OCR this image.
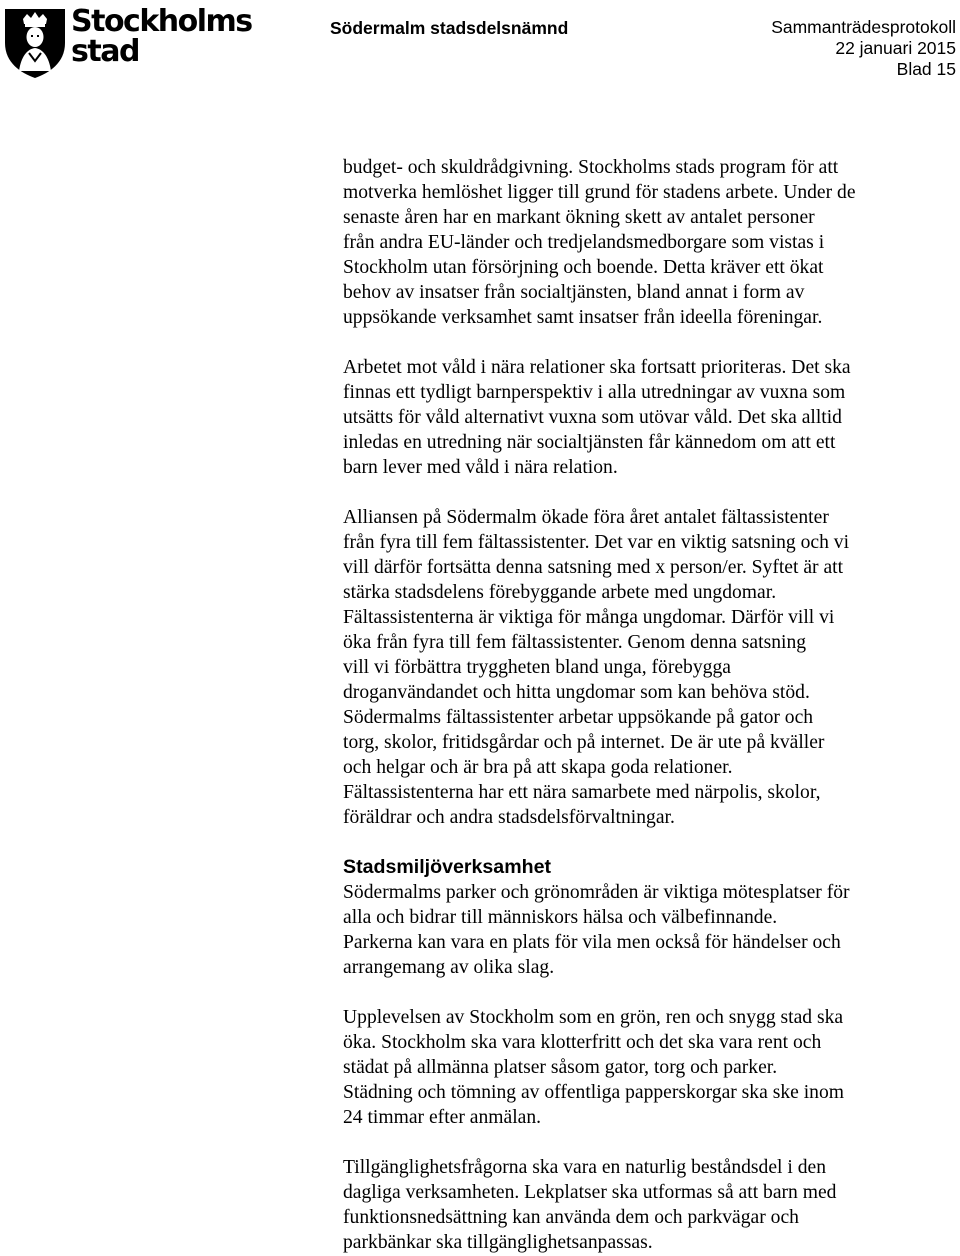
Stockholms
stad
Södermalm stadsdelsnämnd	Sammanträdesprotokoll
22 januari 2015
Blad 15

budget- och skuldrådgivning. Stockholms stads program för att
motverka hemlöshet ligger till grund för stadens arbete. Under de
senaste åren har en markant ökning skett av antalet personer
från andra EU-länder och tredjelandsmedborgare som vistas i
Stockholm utan försörjning och boende. Detta kräver ett ökat
behov av insatser från socialtjänsten, bland annat i form av
uppsökande verksamhet samt insatser från ideella föreningar.

Arbetet mot våld i nära relationer ska fortsatt prioriteras. Det ska
finnas ett tydligt barnperspektiv i alla utredningar av vuxna som
utsätts för våld alternativt vuxna som utövar våld. Det ska alltid
inledas en utredning när socialtjänsten får kännedom om att ett
barn lever med våld i nära relation.

Alliansen på Södermalm ökade föra året antalet fältassistenter
från fyra till fem fältassistenter. Det var en viktig satsning och vi
vill därför fortsätta denna satsning med x person/er. Syftet är att
stärka stadsdelens förebyggande arbete med ungdomar.
Fältassistenterna är viktiga för många ungdomar. Därför vill vi
öka från fyra till fem fältassistenter. Genom denna satsning
vill vi förbättra tryggheten bland unga, förebygga
droganvändandet och hitta ungdomar som kan behöva stöd.
Södermalms fältassistenter arbetar uppsökande på gator och
torg, skolor, fritidsgårdar och på internet. De är ute på kväller
och helgar och är bra på att skapa goda relationer.
Fältassistenterna har ett nära samarbete med närpolis, skolor,
föräldrar och andra stadsdelsförvaltningar.

Stadsmiljöverksamhet

Södermalms parker och grönområden är viktiga mötesplatser för
alla och bidrar till människors hälsa och välbefinnande.
Parkerna kan vara en plats för vila men också för händelser och
arrangemang av olika slag.

Upplevelsen av Stockholm som en grön, ren och snygg stad ska
öka. Stockholm ska vara klotterfritt och det ska vara rent och
städat på allmänna platser såsom gator, torg och parker.
Städning och tömning av offentliga papperskorgar ska ske inom
24 timmar efter anmälan.

Tillgänglighetsfrågorna ska vara en naturlig beståndsdel i den
dagliga verksamheten. Lekplatser ska utformas så att barn med
funktionsnedsättning kan använda dem och parkvägar och
parkbänkar ska tillgänglighetsanpassas.
